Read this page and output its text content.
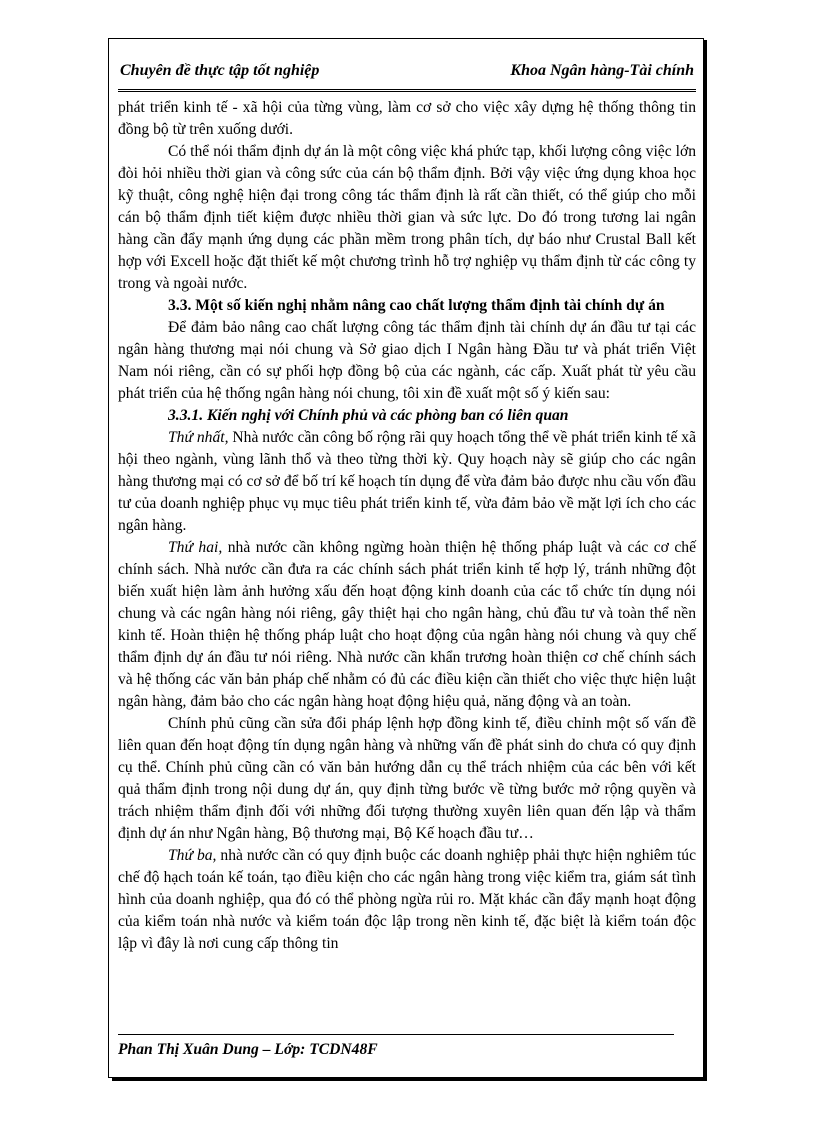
Chuyên đề thực tập tốt nghiệp	Khoa Ngân hàng-Tài chính

phát triển kinh tế - xã hội của từng vùng, làm cơ sở cho việc xây dựng hệ thống thông tin đồng bộ từ trên xuống dưới.

Có thể nói thẩm định dự án là một công việc khá phức tạp, khối lượng công việc lớn đòi hỏi nhiều thời gian và công sức của cán bộ thẩm định. Bởi vậy việc ứng dụng khoa học kỹ thuật, công nghệ hiện đại trong công tác thẩm định là rất cần thiết, có thể giúp cho mỗi cán bộ thẩm định tiết kiệm được nhiều thời gian và sức lực. Do đó trong tương lai ngân hàng cần đẩy mạnh ứng dụng các phần mềm trong phân tích, dự báo như Crustal Ball kết hợp với Excell hoặc đặt thiết kế một chương trình hỗ trợ nghiệp vụ thẩm định từ các công ty trong và ngoài nước.

3.3. Một số kiến nghị nhằm nâng cao chất lượng thẩm định tài chính dự án

Để đảm bảo nâng cao chất lượng công tác thẩm định tài chính dự án đầu tư tại các ngân hàng thương mại nói chung và Sở giao dịch I Ngân hàng Đầu tư và phát triển Việt Nam nói riêng, cần có sự phối hợp đồng bộ của các ngành, các cấp. Xuất phát từ yêu cầu phát triển của hệ thống ngân hàng nói chung, tôi xin đề xuất một số ý kiến sau:

3.3.1. Kiến nghị với Chính phủ và các phòng ban có liên quan

Thứ nhất, Nhà nước cần công bố rộng rãi quy hoạch tổng thể về phát triển kinh tế xã hội theo ngành, vùng lãnh thổ và theo từng thời kỳ. Quy hoạch này sẽ giúp cho các ngân hàng thương mại có cơ sở để bố trí kế hoạch tín dụng để vừa đảm bảo được nhu cầu vốn đầu tư của doanh nghiệp phục vụ mục tiêu phát triển kinh tế, vừa đảm bảo về mặt lợi ích cho các ngân hàng.

Thứ hai, nhà nước cần không ngừng hoàn thiện hệ thống pháp luật và các cơ chế chính sách. Nhà nước cần đưa ra các chính sách phát triển kinh tế hợp lý, tránh những đột biến xuất hiện làm ảnh hưởng xấu đến hoạt động kinh doanh của các tổ chức tín dụng nói chung và các ngân hàng nói riêng, gây thiệt hại cho ngân hàng, chủ đầu tư và toàn thể nền kinh tế. Hoàn thiện hệ thống pháp luật cho hoạt động của ngân hàng nói chung và quy chế thẩm định dự án đầu tư nói riêng. Nhà nước cần khẩn trương hoàn thiện cơ chế chính sách và hệ thống các văn bản pháp chế nhằm có đủ các điều kiện cần thiết cho việc thực hiện luật ngân hàng, đảm bảo cho các ngân hàng hoạt động hiệu quả, năng động và an toàn.

Chính phủ cũng cần sửa đổi pháp lệnh hợp đồng kinh tế, điều chỉnh một số vấn đề liên quan đến hoạt động tín dụng ngân hàng và những vấn đề phát sinh do chưa có quy định cụ thể. Chính phủ cũng cần có văn bản hướng dẫn cụ thể trách nhiệm của các bên với kết quả thẩm định trong nội dung dự án, quy định từng bước về từng bước mở rộng quyền và trách nhiệm thẩm định đối với những đối tượng thường xuyên liên quan đến lập và thẩm định dự án như Ngân hàng, Bộ thương mại, Bộ Kế hoạch đầu tư…

Thứ ba, nhà nước cần có quy định buộc các doanh nghiệp phải thực hiện nghiêm túc chế độ hạch toán kế toán, tạo điều kiện cho các ngân hàng trong việc kiểm tra, giám sát tình hình của doanh nghiệp, qua đó có thể phòng ngừa rủi ro. Mặt khác cần đẩy mạnh hoạt động của kiểm toán nhà nước và kiểm toán độc lập trong nền kinh tế, đặc biệt là kiểm toán độc lập vì đây là nơi cung cấp thông tin

Phan Thị Xuân Dung – Lớp: TCDN48F
